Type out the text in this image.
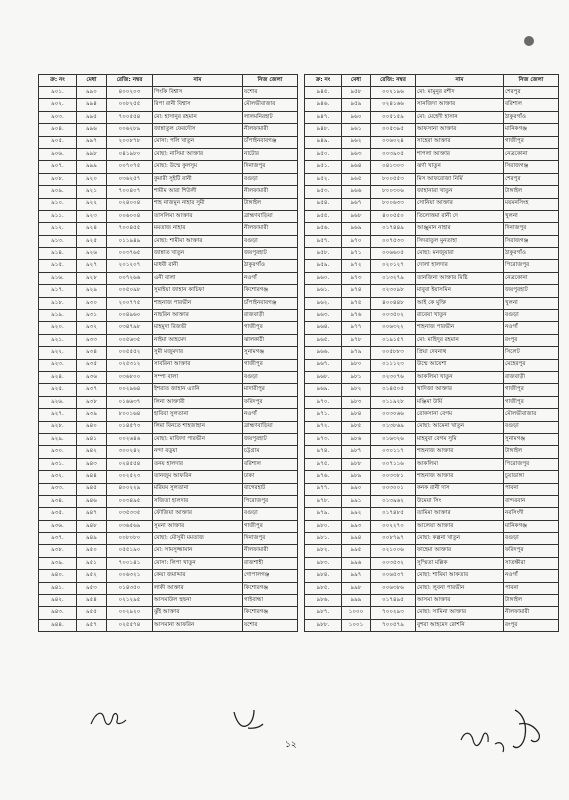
ক্র: নং	মেধা	রেজি: নম্বর	নাম	নিজ জেলা
৯০১.	৯৯০	৪০০২০৩	পিংকি বিশ্বাস	যশোর
৯০২.	৯৯৪	০০৮২৫৫	রিপা রানী বিশ্বাস	মৌলভীবাজার
৯০৩.	৯৯৫	৭০০৫৫৪	মো: হাসানুর রহমান	লালমনিরহাট
৯০৪.	৯৯৬	০০৬২৮৯	জান্নাতুল ফেরদৌস	নীলফামারী
৯০৫.	৯৯৭	২০০৮৭৮	মোসা: পলি খাতুন	চাঁপাইনবাবগঞ্জ
৯০৬.	৯৯৮	০৪১৯৮০	মোছা: নাসিমা আক্তার	নাটোর
৯০৭.	৯৯৯	০০৭০৭৫	মোছা: উম্মে কুলসুম	দিনাজপুর
৯০৮.	৯২০	০৩৬২৫৭	কুমারী সুইটি রানী	বগুড়া
৯০৯.	৯২১	৭০০৪০৭	শামীম আরা শিউলী	নীলফামারী
৯১০.	৯২২	০২৪০০৪	শাহ নাজমুন নাহার সুমী	টাঙ্গাইল
৯১১.	৯২৩	০০৬০০৪	তাসলিমা আক্তার	ব্রাহ্মণবাড়িয়া
৯১২.	৯২৪	৭০০৪৫৫	মমতাজ নাহার	নীলফামারী
৯১৩.	৯২৫	০১১৯৪৯	মোছা: শামীমা আক্তার	বগুড়া
৯১৪.	৯২৬	০০৩৭৬৫	জান্নাত খাতুন	জয়পুরহাট
৯১৫.	৯২৭	২০১২০৭	মাধবী রানী	ঠাকুরগাঁও
৯১৬.	৯২৮	০০৭২৬৬	এনী বালা	নওগাঁ
৯১৭.	৯২৯	০০৫০৯৮	সুমাইয়া জাহান কাচিফা	কিশোরগঞ্জ
৯১৮.	৯৩০	২০০৭৭৫	শাহনাজ পারভীন	চাঁপাইনবাবগঞ্জ
৯১৯.	৯৩১	০০৪৯৬০	নাছরিন আক্তার	রাজবাড়ী
৯২০.	৯৩২	০৩৪৭৯৮	মাহমুদা রিজভী	গাজীপুর
৯২১.	৯৩৩	০০৫৬৩৫	নাইমা আহমেদ	ঝালকাঠী
৯২২.	৯৩৪	০০৫৫৫২	সুমী মজুমদার	সুনামগঞ্জ
৯২৩.	৯৩৫	০২৫৩১২	সাবরিনা আক্তার	গাজীপুর
৯২৪.	৯৩৬	০৩৬৮০০	সম্পা বালা	বগুড়া
৯২৫.	৯৩৭	০০২৯৬৪	ইশরাত জাহান এ্যানি	মাদারীপুর
৯২৬.	৯৩৮	০১৬৬৩৭	লিনা আক্তারী	ফরিদপুর
৯২৭.	৯৩৯	৮০০১৬৪	হাবিবা সুলতানা	নওগাঁ
৯২৮.	৯৪০	০১৪৫৭৩	লিমা বিনতে শাহজাহান	ব্রাহ্মণবাড়িয়া
৯২৯.	৯৪১	০০২৬৪৬	মোছা: মাজিদা পারভীন	জয়পুরহাট
৯৩০.	৯৪২	৩০০২৪২	নন্দা বড়ুয়া	চট্টগ্রাম
৯৩১.	৯৪৩	০২৪৫৫৪	তনয় হালদার	বরিশাল
৯৩২.	৯৪৪	০০২৫২৩	তানজুম আফরিন	ঢাকা
৯৩৩.	৯৪৫	৪০০২২৯	মরিয়ম সুলতানা	বাগেরহাট
৯৩৪.	৯৪৬	০০৩৪৯৫	সজিতা হালদার	পিরোজপুর
৯৩৫.	৯৪৭	০৩৫৩৩৫	ফৌজিয়া আক্তার	বগুড়া
৯৩৬.	৯৪৮	০৩৬৫৬৯	সুমনা আক্তার	গাজীপুর
৯৩৭.	৯৪৯	০০৮০৮০	মোছা: মৌসুমী মমতাজ	দিনাজপুর
৯৩৮.	৯৫০	০৫৫১৯০	মো: সামসুজ্জামান	নীলফামারী
৯৩৯.	৯৫১	৭০০১৪১	মোসা: লিপা খাতুন	রাজশাহী
৯৪০.	৯৫২	০০৬৩২১	কেয়া জমাদ্দার	গোপালগঞ্জ
৯৪১.	৯৫৩	০১৪৩৫০	লাকী আক্তার	কিশোরগঞ্জ
৯৪২.	৯৫৪	০২১২৯৫	আসমাউল হুছনা	গাইবান্ধা
৯৪৩.	৯৫৫	০০২৯২০	ঝুঁই আক্তার	কিশোরগঞ্জ
৯৪৪.	৯৫৭	০২৫৫৭৪	আসমানা আফরিন	যশোর
ক্র: নং	মেধা	রেজি: নম্বর	নাম	নিজ জেলা
৯৪৫.	৯৫৮	০০২১৯৬	মো: মামুনুর রশীদ	শেরপুর
৯৪৬.	৯৫৯	০২৪১৬৬	সানজিদা আক্তার	বরিশাল
৯৪৭.	৯৬০	০০৫১৫৯	মো: মেহেদী হাসান	ঠাকুরগাঁও
৯৪৮.	৯৬১	০০৫৩৯৫	আফসানা আক্তার	মানিকগঞ্জ
৯৪৯.	৯৬২	০০৬০২৪	সাহেরা আক্তার	গাজীপুর
৯৫০.	৯৬৩	০০৩৯০৫	শাপলা আক্তার	নেত্রকোনা
৯৫১.	৯৬৪	০৪১৩০৩	ঝর্ণা খাতুন	সিরাজগঞ্জ
৯৫২.	৯৬৫	৮০০৫৫৩	মিস আফরোজা নির্মি	শেরপুর
৯৫৩.	৯৬৬	৮০০৩০৬	জাহানারা খাতুন	টাঙ্গাইল
৯৫৪.	৯৬৭	৮০০৬৩৩	সোনিয়া আক্তার	ময়মনসিংহ
৯৫৫.	৯৬৮	৪০০৫৫০	তিলোত্তমা রানী দে	খুলনা
৯৫৬.	৯৬৯	০১৭৪৪৯	আঞ্জুমান নাহার	দিনাজপুর
৯৫৭.	৯৭০	০০৭৫৩৩	সিদরাতুল মুনতাহা	সিরাজগঞ্জ
৯৫৮.	৯৭১	০০৬৬০৫	মোছা: মনজুয়ারা	ঠাকুরগাঁও
৯৫৯.	৯৭২	০২০১২৭	দোলা হালদার	পিরোজপুর
৯৬০.	৯৭৩	০১৩২৭৯	তানজিনা আক্তার মিষ্টি	নেত্রকোনা
৯৬১.	৯৭৪	০২৩০৯৮	মাবুবা ইয়াসমিন	জয়পুরহাট
৯৬২.	৯৭৫	৪০০৪৪৮	আই কে মুক্তি	খুলনা
৯৬৩.	৯৭৬	০০৩৫০২	রাবেয়া খাতুন	বগুড়া
৯৬৪.	৯৭৭	০০৬৩২২	শাহনাজ পারভীন	নওগাঁ
৯৬৫.	৯৭৮	০১৯১৫৭	মো: মাহিদুর রহমান	রংপুর
৯৬৬.	৯৭৯	০০৫৮৮৩	প্রিয়া দেবনাথ	সিলেট
৯৬৭.	৯৮০	০১১১২৩	উম্মে আয়েশা	মেহেরপুর
৯৬৮.	৯৮১	০২৩০৭৬	আকলিমা খাতুন	রাজবাড়ী
৯৬৯.	৯৮২	০১৪৫০৫	খাদিজা আক্তার	গাজীপুর
৯৭০.	৯৮৩	০১১৯২৮	মঞ্জিমা উর্মি	গাজীপুর
৯৭১.	৯৮৪	০০৩০৬৬	রোকসানা বেগম	মৌলভীবাজার
৯৭২.	৯৮৫	০১৩৮৬৯	মোছা: আমেনা খাতুন	বগুড়া
৯৭৩.	৯৮৬	০১৬৩২৬	মাহবুবা বেগম সুমি	সুনামগঞ্জ
৯৭৪.	৯৮৭	০৩০১১৭	শাহনাজ আক্তার	টাঙ্গাইল
৯৭৫.	৯৮৮	০০৭১১৬	আকলিমা	পিরোজপুর
৯৭৬.	৯৮৯	০০৩৩৮১	শাহনাজ আক্তার	চুয়াডাঙ্গা
৯৭৭.	৯৯০	০০৩০০১	কনক রানী দাস	পাবনা
৯৭৮.	৯৯১	০১৩৯৬২	উমেয়া সিং	বান্দরবান
৯৭৯.	৯৯২	০১৭৪৮৫	তামিমা আক্তার	নরসিংদী
৯৮০.	৯৯৩	০০২২৭০	আলেয়া আক্তার	মানিকগঞ্জ
৯৮১.	৯৯৪	০০৮৭৯৭	মোছা: কল্পনা খাতুন	বগুড়া
৯৮২.	৯৯৫	০২১০০৬	ফাহেমা আক্তার	ফরিদপুর
৯৮৩.	৯৯৬	০০৩৫৩২	সুস্মিতা মল্লিক	সাতক্ষীরা
৯৮৪.	৯৯৭	০০৬৫৩৭	মোছা: শামিমা আকতার	নওগাঁ
৯৮৫.	৯৯৮	০০৬৩৮৬	মোছা: লুবনা পারভীন	পাবনা
৯৮৬.	৯৯৯	০১৭৪৯৫	আসমা আক্তার	টাঙ্গাইল
৯৮৭.	১০০০	৭০০২৯৩	মোছা: সামিনা আক্তার	নীলফামারী
৯৮৮.	১০০১	৭০০৫৭৯	বুশরা আহমেদ রোশনি	রংপুর
১২
